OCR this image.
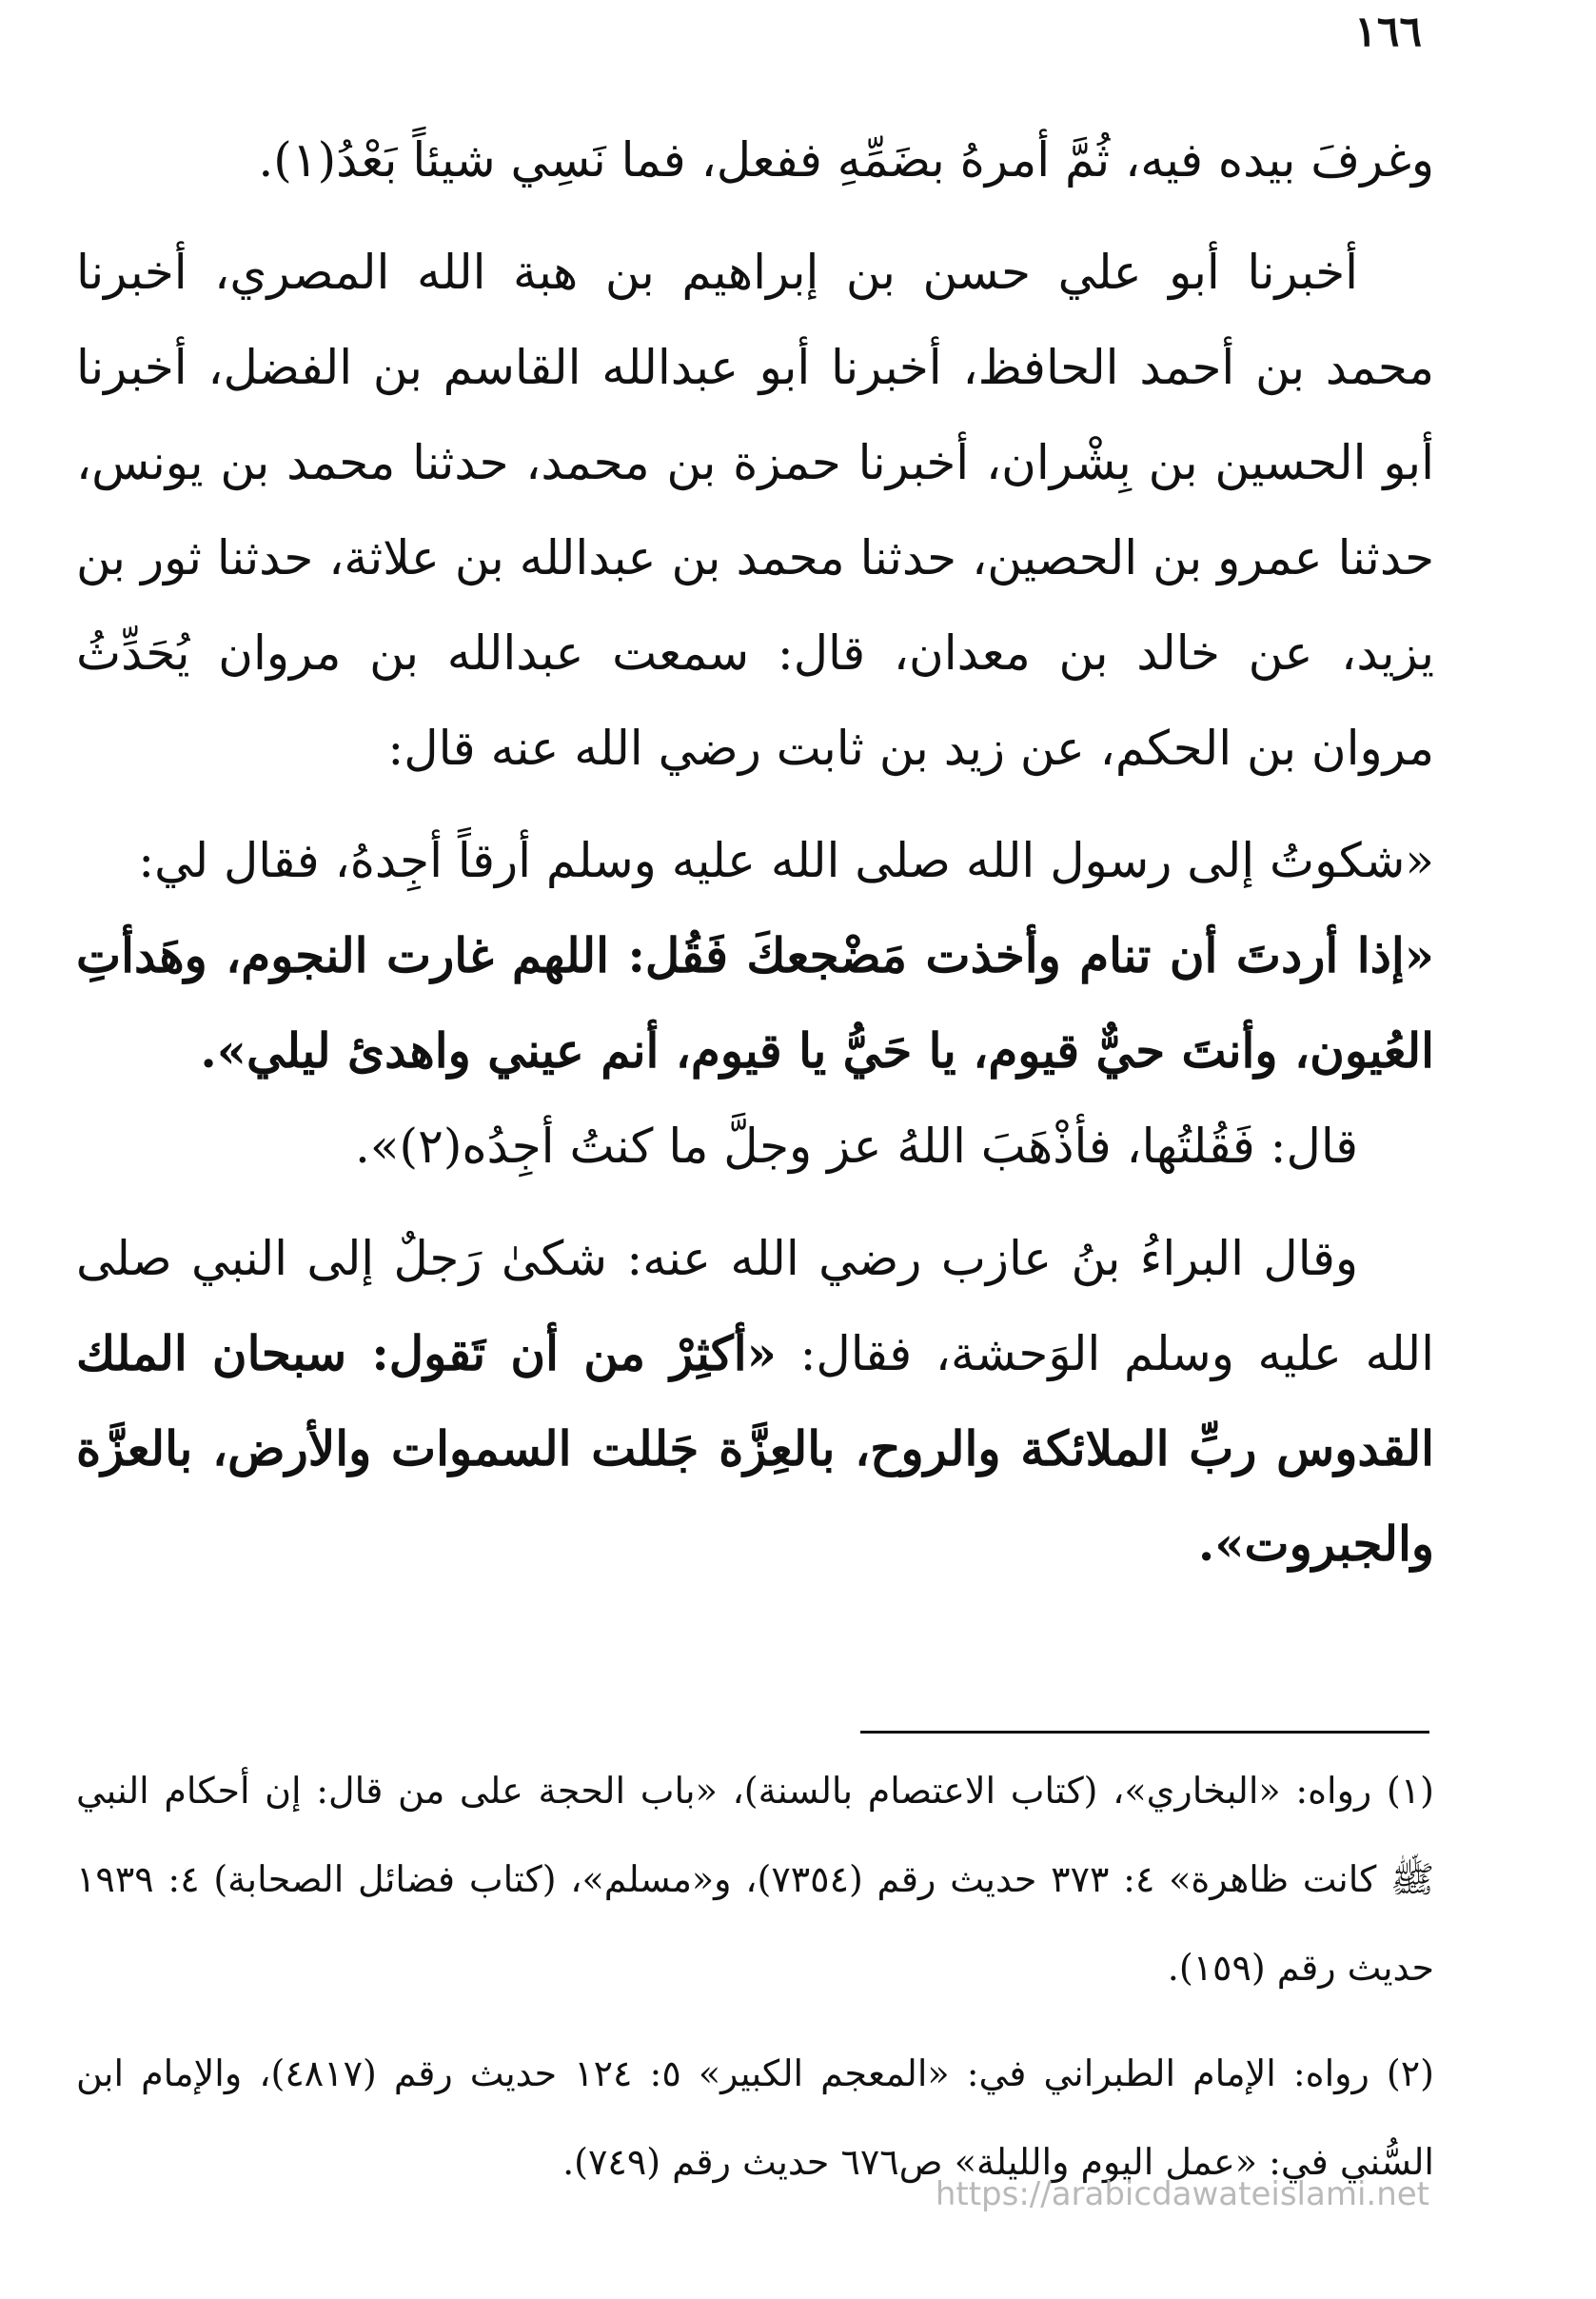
١٦٦

وغرفَ بيده فيه، ثُمَّ أمرهُ بضَمِّهِ ففعل، فما نَسِي شيئاً بَعْدُ(١).

أخبرنا أبو علي حسن بن إبراهيم بن هبة الله المصري، أخبرنا محمد بن أحمد الحافظ، أخبرنا أبو عبدالله القاسم بن الفضل، أخبرنا أبو الحسين بن بِشْران، أخبرنا حمزة بن محمد، حدثنا محمد بن يونس، حدثنا عمرو بن الحصين، حدثنا محمد بن عبدالله بن علاثة، حدثنا ثور بن يزيد، عن خالد بن معدان، قال: سمعت عبدالله بن مروان يُحَدِّثُ مروان بن الحكم، عن زيد بن ثابت رضي الله عنه قال:

«شكوتُ إلى رسول الله صلى الله عليه وسلم أرقاً أجِدهُ، فقال لي:

«إذا أردتَ أن تنام وأخذت مَضْجعكَ فَقُل: اللهم غارت النجوم، وهَدأتِ العُيون، وأنتَ حيٌّ قيوم، يا حَيُّ يا قيوم، أنم عيني واهدئ ليلي».

قال: فَقُلتُها، فأذْهَبَ اللهُ عز وجلَّ ما كنتُ أجِدُه(٢)».

وقال البراءُ بنُ عازب رضي الله عنه: شكىٰ رَجلٌ إلى النبي صلى الله عليه وسلم الوَحشة، فقال: «أكثِرْ من أن تَقول: سبحان الملك القدوس ربِّ الملائكة والروح، بالعِزَّة جَللت السموات والأرض، بالعزَّة والجبروت».

(١) رواه: «البخاري»، (كتاب الاعتصام بالسنة)، «باب الحجة على من قال: إن أحكام النبي ﷺ كانت ظاهرة» ٤: ٣٧٣ حديث رقم (٧٣٥٤)، و«مسلم»، (كتاب فضائل الصحابة) ٤: ١٩٣٩ حديث رقم (١٥٩).

(٢) رواه: الإمام الطبراني في: «المعجم الكبير» ٥: ١٢٤ حديث رقم (٤٨١٧)، والإمام ابن السُّني في: «عمل اليوم والليلة» ص٦٧٦ حديث رقم (٧٤٩).

https://arabicdawateislami.net
